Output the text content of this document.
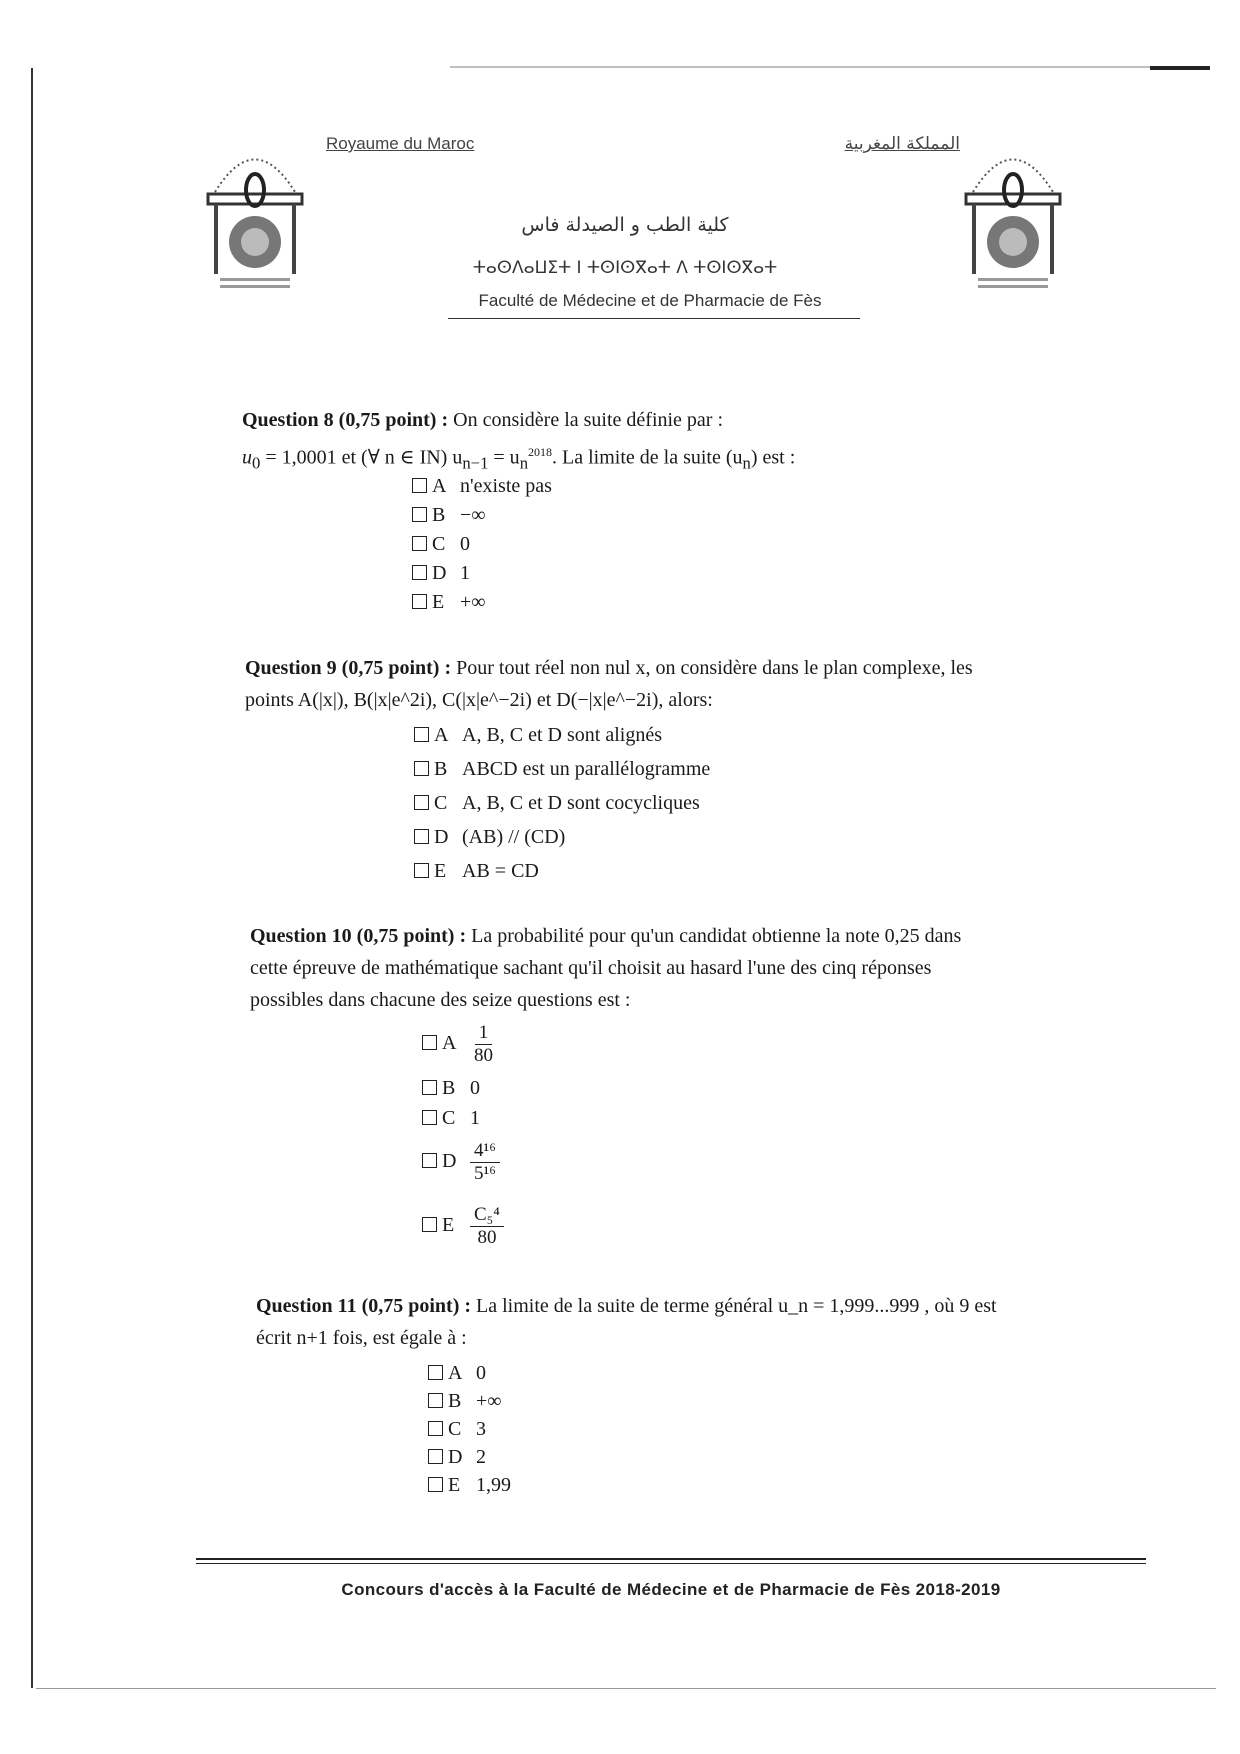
Royaume du Maroc	المملكة المغربية
كلية الطب و الصيدلة فاس
ⵜⴰⵙⴷⴰⵡⵉⵜ ⵏ ⵜⵙⵏⵙⴳⴰⵜ ⴷ ⵜⵙⵏⵙⴳⴰⵜ
Faculté de Médecine et de Pharmacie de Fès
Question 8 (0,75 point) : On considère la suite définie par :
$u_0 = 1,0001$ et (∀ n ∈ IN) $u_{n-1} = u_n^{2018}$. La limite de la suite $(u_n)$ est :
A n'existe pas
B −∞
C 0
D 1
E +∞
Question 9 (0,75 point) : Pour tout réel non nul x, on considère dans le plan complexe, les
points A(|x|), B(|x|e^2i), C(|x|e^−2i) et D(−|x|e^−2i), alors:
A A, B, C et D sont alignés
B ABCD est un parallélogramme
C A, B, C et D sont cocycliques
D (AB) // (CD)
E AB = CD
Question 10 (0,75 point) : La probabilité pour qu'un candidat obtienne la note 0,25 dans
cette épreuve de mathématique sachant qu'il choisit au hasard l'une des cinq réponses
possibles dans chacune des seize questions est :
A $\frac{1}{80}$
B 0
C 1
D $\frac{\text{4¹⁶}}{\text{5¹⁶}}$
E $\frac{\text{C₅⁴}}{80}$
Question 11 (0,75 point) : La limite de la suite de terme général u_n = 1,999...999 , où 9 est
écrit n+1 fois, est égale à :
A 0
B +∞
C 3
D 2
E 1,99
Concours d'accès à la Faculté de Médecine et de Pharmacie de Fès 2018-2019
